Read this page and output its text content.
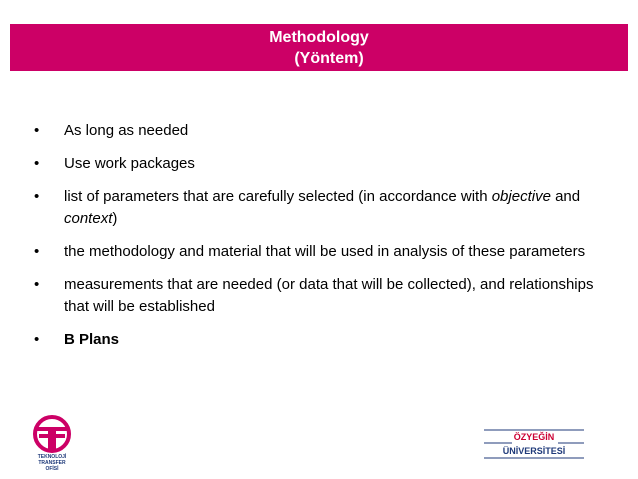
Methodology
(Yöntem)
• As long as needed
• Use work packages
• list of parameters that are carefully selected (in accordance with objective and context)
• the methodology and material that will be used in analysis of these parameters
• measurements that are needed (or data that will be collected), and relationships that will be established
• B Plans
TEKNOLOJİ
TRANSFER
OFİSİ
ÖZYEĞİN
ÜNİVERSİTESİ
